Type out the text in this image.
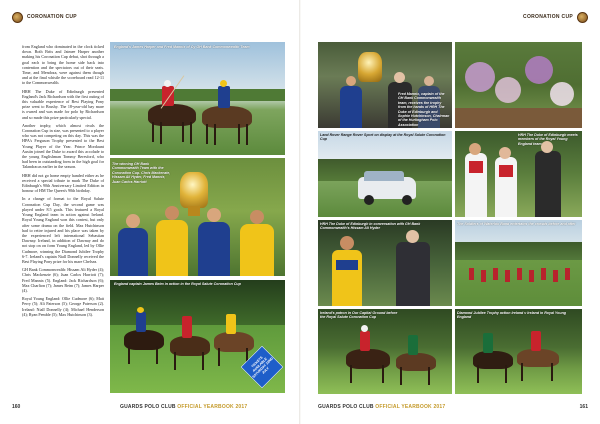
CORONATION CUP	CORONATION CUP

from England who dominated in the clock ticked down. Both Brits and Jaimee Harper another making his Coronation Cup debut, shot through a goal each to bring the home side back into contention and the spectators out of their seats. Time, and Mendoza, were against them though and at the final whistle the scoreboard read 12-11 to the Commonwealth.

HRH The Duke of Edinburgh presented England's Jack Richardson with the first outing of this valuable experience of Best Playing Pony prize went to Brushy. The 18-year-old bay mare is owned and was made for polo by Richardson and so made this prize particularly special.

Another trophy, which almost rivals the Coronation Cup in size, was presented to a player who was not competing on this day. This was the HPA's Ferguson Trophy presented to the Best Young Player of the Year. Prince Mordaunt Austin joined the Duke to award this accolade to the young Englishman Tommy Beresford, who had been in outstanding form in the high goal for Talandracas earlier in the season.

HRH did not go home empty handed either as he received a special tribute to mark The Duke of Edinburgh's 90th Anniversary Limited Edition in honour of HM The Queen's 90th birthday.

In a change of format to the Royal Salute Coronation Cup Day, the second game was played under 8.5 goals. This featured a Royal Young England team in action against Ireland. Royal Young England won this contest, but only after some drama on the field. Max Hutchinson had to retire injured and his place was taken by the experienced left international Sebastian Dawnay. Ireland, in addition of Dawnay and do not stop on on form Young England, led by Ollie Cudmore, winning the Diamond Jubilee Trophy 6-7. Ireland's captain Niall Donnelly received the Best Playing Pony prize for his mare Chelsea.

GH Bank Commonwealth: Hissam Ali Hyder (4); Chris Mackenzie (6); Juan Carlos Harriott (7); Fred Mannix (5). England: Jack Richardson (6); Max Charlton (7); James Beim (7); James Harper (4).

Royal Young England: Ollie Cudmore (6); Matt Perry (5); Ali Paterson (5); George Paterson (2). Ireland: Niall Donnelly (4); Michael Henderson (4); Ryan Pemble (5); Max Hutchinson (3).

England's James Harper and Fred Mannix of Cy GH Bank Commonwealth Team
The winning GH Bank Commonwealth Team with the Coronation Cup. Chris Mackenzie, Hissam Ali Hyder, Fred Mannix, Juan Carlos Harriott
England captain James Beim in action in the Royal Salute Coronation Cup
TICKETS AVAILABLE SATURDAY 22ND JULY
Fred Mannix, captain of the GH Bank Commonwealth team, receives the trophy from the hands of HRH The Duke of Edinburgh and Sophie Hutchinson, Chairman of the Hurlingham Polo Association
Land Rover Range Rover Sport on display at the Royal Salute Coronation Cup
HRH The Duke of Edinburgh meets members of the Royal Young England team
HRH The Duke of Edinburgh in conversation with GH Bank Commonwealth's Hissam Ali Hyder
The Soldiers of Waterloo Band entertains the crowds before and after
Ireland's patron in Our Capital Ground before the Royal Salute Coronation Cup
Diamond Jubilee Trophy action Ireland v Ireland in Royal Young England
160	GUARDS POLO CLUB OFFICIAL YEARBOOK 2017	GUARDS POLO CLUB OFFICIAL YEARBOOK 2017	161
